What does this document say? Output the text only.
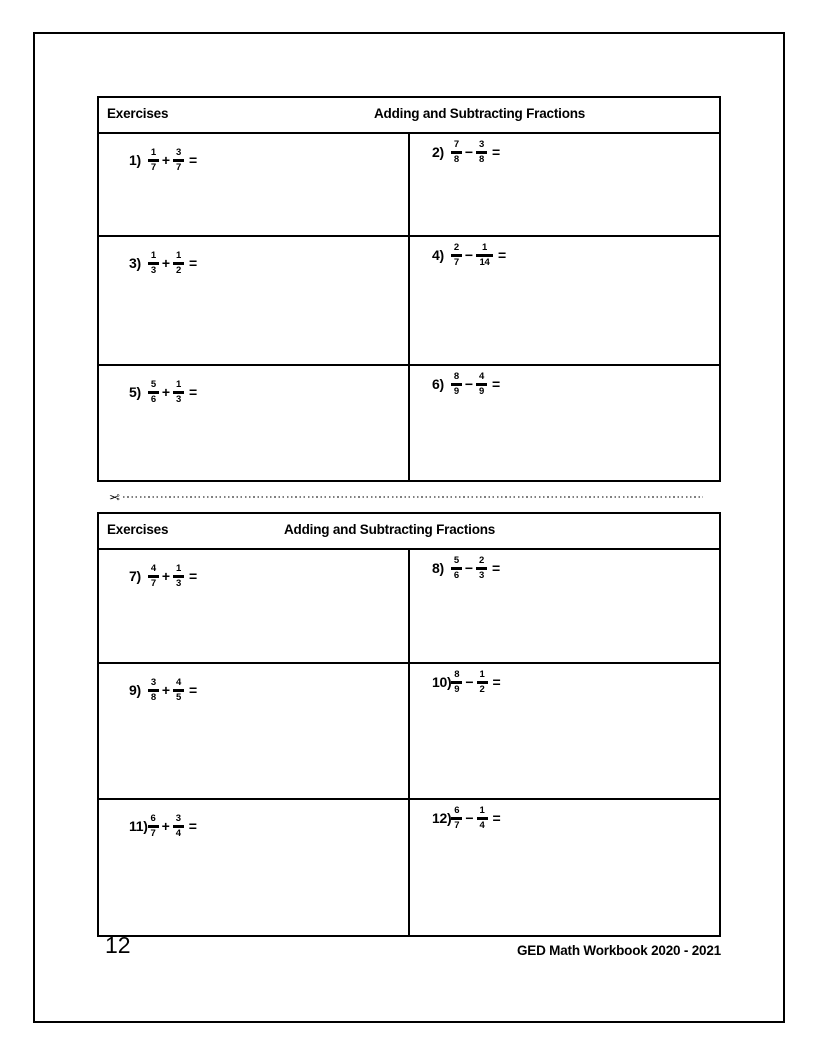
Exercises	Adding and Subtracting Fractions
$1) \frac{1}{7} + \frac{3}{7}$ =	$2) \frac{7}{8} - \frac{3}{8}$ =
$3) \frac{1}{3} + \frac{1}{2}$ =	$4) \frac{2}{7} - \frac{1}{14}$ =
$5) \frac{5}{6} + \frac{1}{3}$ =	$6) \frac{8}{9} - \frac{4}{9}$ =
✂
Exercises	Adding and Subtracting Fractions
$7) \frac{4}{7} + \frac{1}{3}$ =	$8) \frac{5}{6} - \frac{2}{3}$ =
$9) \frac{3}{8} + \frac{4}{5}$ =	$10) \frac{8}{9} - \frac{1}{2}$ =
$11) \frac{6}{7} + \frac{3}{4}$ =	$12) \frac{6}{7} - \frac{1}{4}$ =
12	GED Math Workbook 2020 - 2021
